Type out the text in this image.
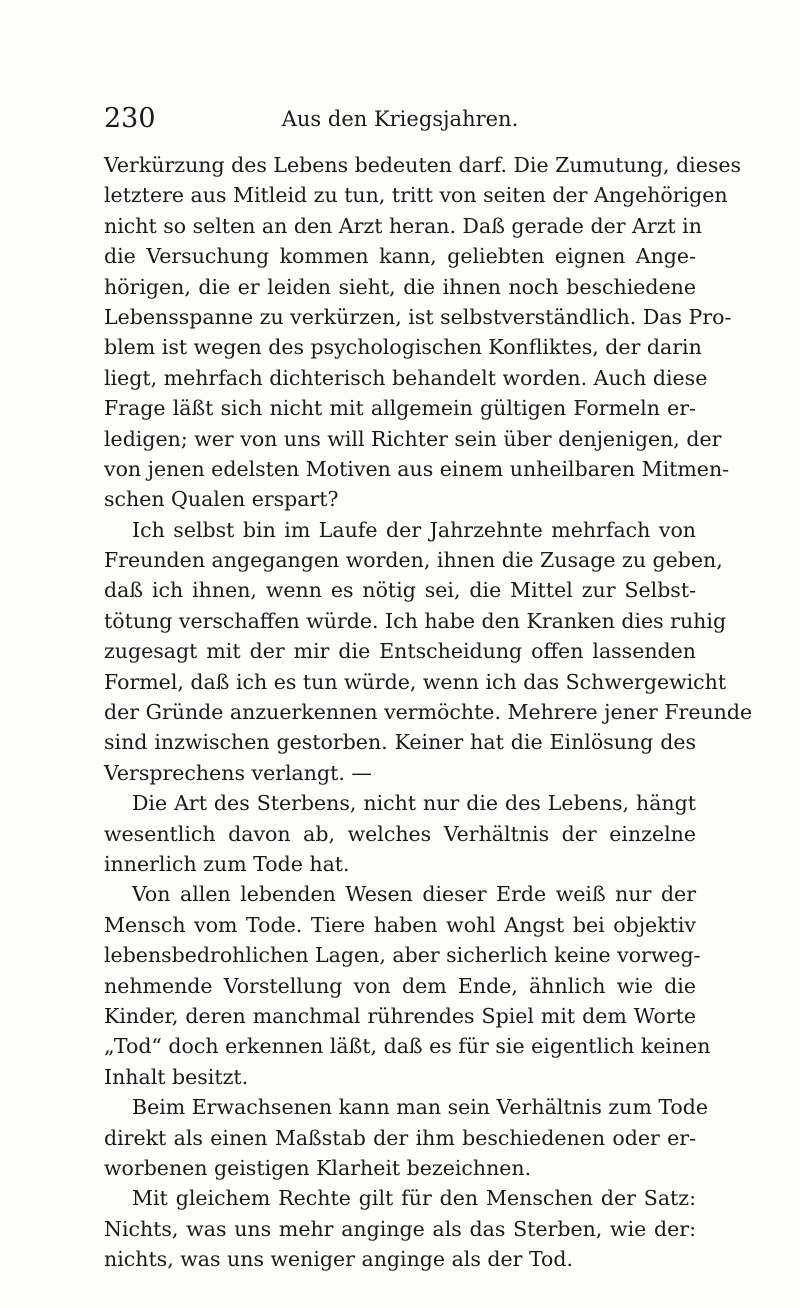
230	Aus den Kriegsjahren.
Verkürzung des Lebens bedeuten darf. Die Zumutung, dieses
letztere aus Mitleid zu tun, tritt von seiten der Angehörigen
nicht so selten an den Arzt heran. Daß gerade der Arzt in
die Versuchung kommen kann, geliebten eignen Ange-
hörigen, die er leiden sieht, die ihnen noch beschiedene
Lebensspanne zu verkürzen, ist selbstverständlich. Das Pro-
blem ist wegen des psychologischen Konfliktes, der darin
liegt, mehrfach dichterisch behandelt worden. Auch diese
Frage läßt sich nicht mit allgemein gültigen Formeln er-
ledigen; wer von uns will Richter sein über denjenigen, der
von jenen edelsten Motiven aus einem unheilbaren Mitmen-
schen Qualen erspart?
Ich selbst bin im Laufe der Jahrzehnte mehrfach von
Freunden angegangen worden, ihnen die Zusage zu geben,
daß ich ihnen, wenn es nötig sei, die Mittel zur Selbst-
tötung verschaffen würde. Ich habe den Kranken dies ruhig
zugesagt mit der mir die Entscheidung offen lassenden
Formel, daß ich es tun würde, wenn ich das Schwergewicht
der Gründe anzuerkennen vermöchte. Mehrere jener Freunde
sind inzwischen gestorben. Keiner hat die Einlösung des
Versprechens verlangt. —
Die Art des Sterbens, nicht nur die des Lebens, hängt
wesentlich davon ab, welches Verhältnis der einzelne
innerlich zum Tode hat.
Von allen lebenden Wesen dieser Erde weiß nur der
Mensch vom Tode. Tiere haben wohl Angst bei objektiv
lebensbedrohlichen Lagen, aber sicherlich keine vorweg-
nehmende Vorstellung von dem Ende, ähnlich wie die
Kinder, deren manchmal rührendes Spiel mit dem Worte
„Tod“ doch erkennen läßt, daß es für sie eigentlich keinen
Inhalt besitzt.
Beim Erwachsenen kann man sein Verhältnis zum Tode
direkt als einen Maßstab der ihm beschiedenen oder er-
worbenen geistigen Klarheit bezeichnen.
Mit gleichem Rechte gilt für den Menschen der Satz:
Nichts, was uns mehr anginge als das Sterben, wie der:
nichts, was uns weniger anginge als der Tod.
